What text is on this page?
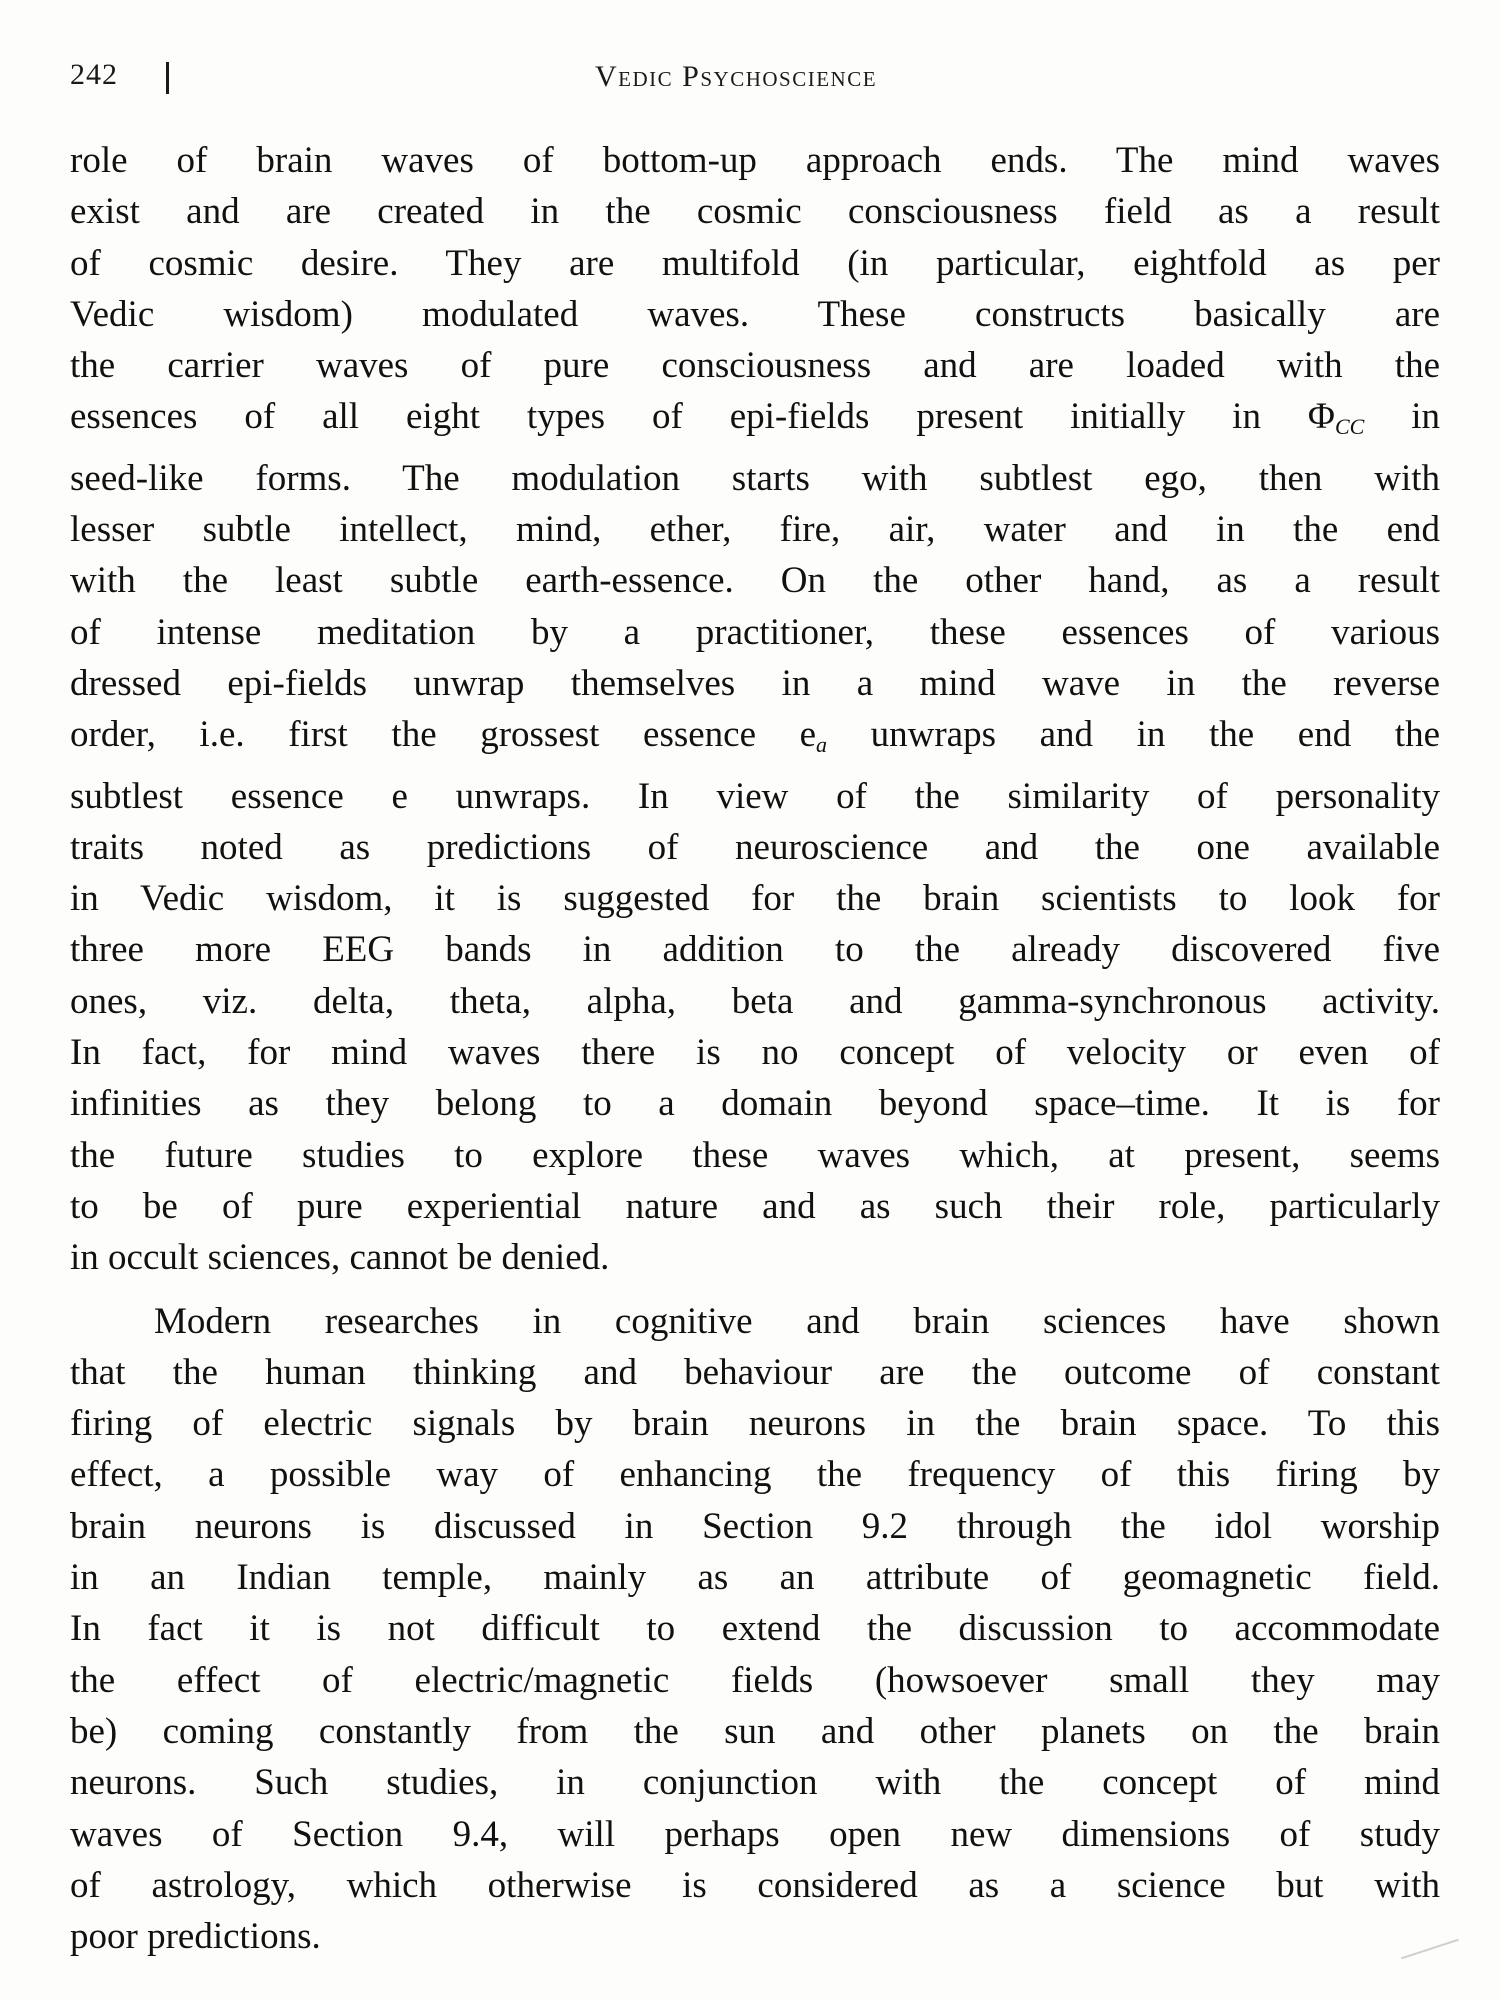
242	Vedic Psychoscience

role of brain waves of bottom-up approach ends. The mind waves
exist and are created in the cosmic consciousness field as a result
of cosmic desire. They are multifold (in particular, eightfold as per
Vedic wisdom) modulated waves. These constructs basically are
the carrier waves of pure consciousness and are loaded with the
essences of all eight types of epi-fields present initially in $\Phi_{CC}$ in
seed-like forms. The modulation starts with subtlest ego, then with
lesser subtle intellect, mind, ether, fire, air, water and in the end
with the least subtle earth-essence. On the other hand, as a result
of intense meditation by a practitioner, these essences of various
dressed epi-fields unwrap themselves in a mind wave in the reverse
order, i.e. first the grossest essence $e_a$ unwraps and in the end the
subtlest essence e unwraps. In view of the similarity of personality
traits noted as predictions of neuroscience and the one available
in Vedic wisdom, it is suggested for the brain scientists to look for
three more EEG bands in addition to the already discovered five
ones, viz. delta, theta, alpha, beta and gamma-synchronous activity.
In fact, for mind waves there is no concept of velocity or even of
infinities as they belong to a domain beyond space–time. It is for
the future studies to explore these waves which, at present, seems
to be of pure experiential nature and as such their role, particularly
in occult sciences, cannot be denied.

Modern researches in cognitive and brain sciences have shown
that the human thinking and behaviour are the outcome of constant
firing of electric signals by brain neurons in the brain space. To this
effect, a possible way of enhancing the frequency of this firing by
brain neurons is discussed in Section 9.2 through the idol worship
in an Indian temple, mainly as an attribute of geomagnetic field.
In fact it is not difficult to extend the discussion to accommodate
the effect of electric/magnetic fields (howsoever small they may
be) coming constantly from the sun and other planets on the brain
neurons. Such studies, in conjunction with the concept of mind
waves of Section 9.4, will perhaps open new dimensions of study
of astrology, which otherwise is considered as a science but with
poor predictions.
